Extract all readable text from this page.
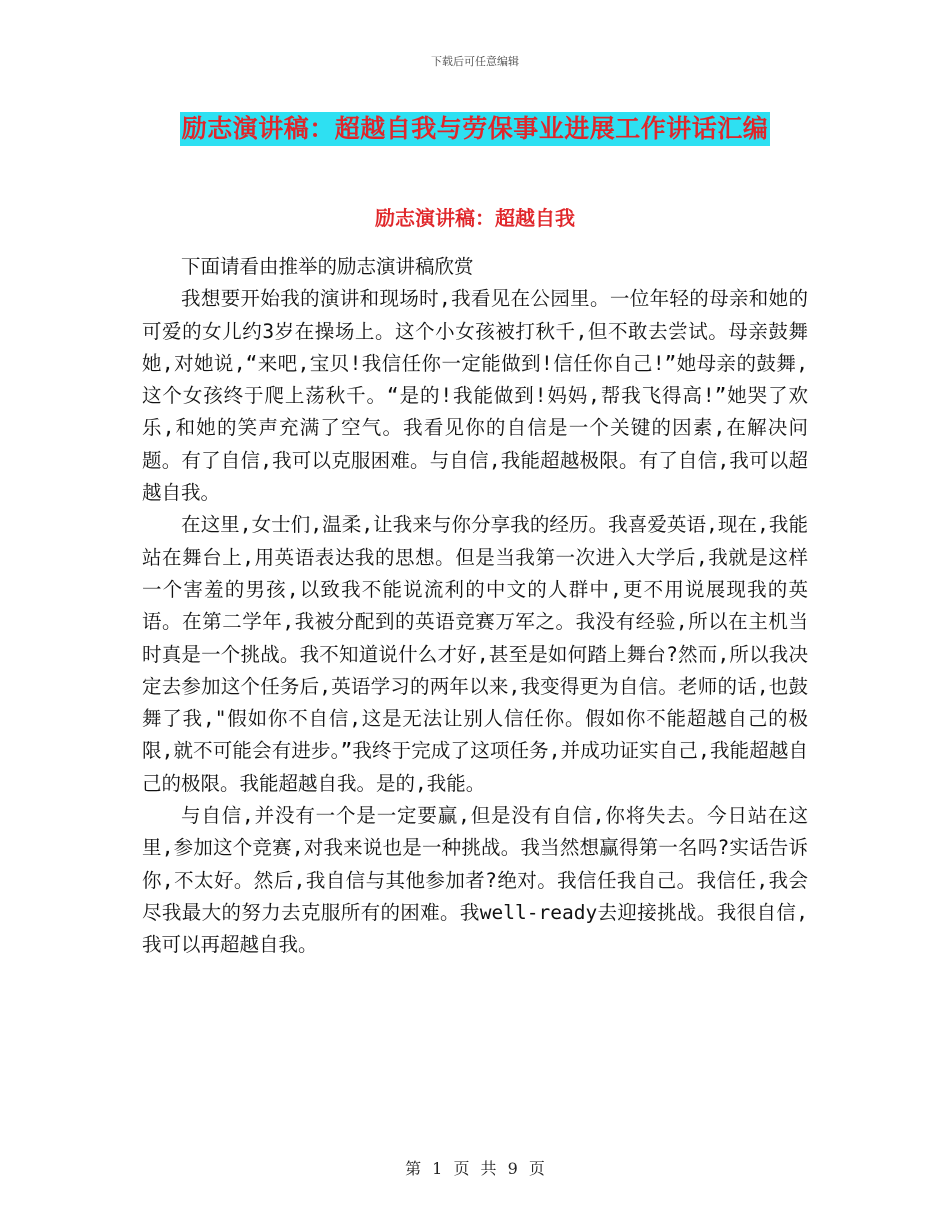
下载后可任意编辑
励志演讲稿：超越自我与劳保事业进展工作讲话汇编
励志演讲稿：超越自我

下面请看由推举的励志演讲稿欣赏

我想要开始我的演讲和现场时,我看见在公园里。一位年轻的母亲和她的可爱的女儿约3岁在操场上。这个小女孩被打秋千,但不敢去尝试。母亲鼓舞她,对她说,“来吧,宝贝!我信任你一定能做到!信任你自己!”她母亲的鼓舞,这个女孩终于爬上荡秋千。“是的!我能做到!妈妈,帮我飞得高!”她哭了欢乐,和她的笑声充满了空气。我看见你的自信是一个关键的因素,在解决问题。有了自信,我可以克服困难。与自信,我能超越极限。有了自信,我可以超越自我。

在这里,女士们,温柔,让我来与你分享我的经历。我喜爱英语,现在,我能站在舞台上,用英语表达我的思想。但是当我第一次进入大学后,我就是这样一个害羞的男孩,以致我不能说流利的中文的人群中,更不用说展现我的英语。在第二学年,我被分配到的英语竞赛万军之。我没有经验,所以在主机当时真是一个挑战。我不知道说什么才好,甚至是如何踏上舞台?然而,所以我决定去参加这个任务后,英语学习的两年以来,我变得更为自信。老师的话,也鼓舞了我,"假如你不自信,这是无法让别人信任你。假如你不能超越自己的极限,就不可能会有进步。”我终于完成了这项任务,并成功证实自己,我能超越自己的极限。我能超越自我。是的,我能。

与自信,并没有一个是一定要赢,但是没有自信,你将失去。今日站在这里,参加这个竞赛,对我来说也是一种挑战。我当然想赢得第一名吗?实话告诉你,不太好。然后,我自信与其他参加者?绝对。我信任我自己。我信任,我会尽我最大的努力去克服所有的困难。我well-ready去迎接挑战。我很自信,我可以再超越自我。

第 1 页 共 9 页
